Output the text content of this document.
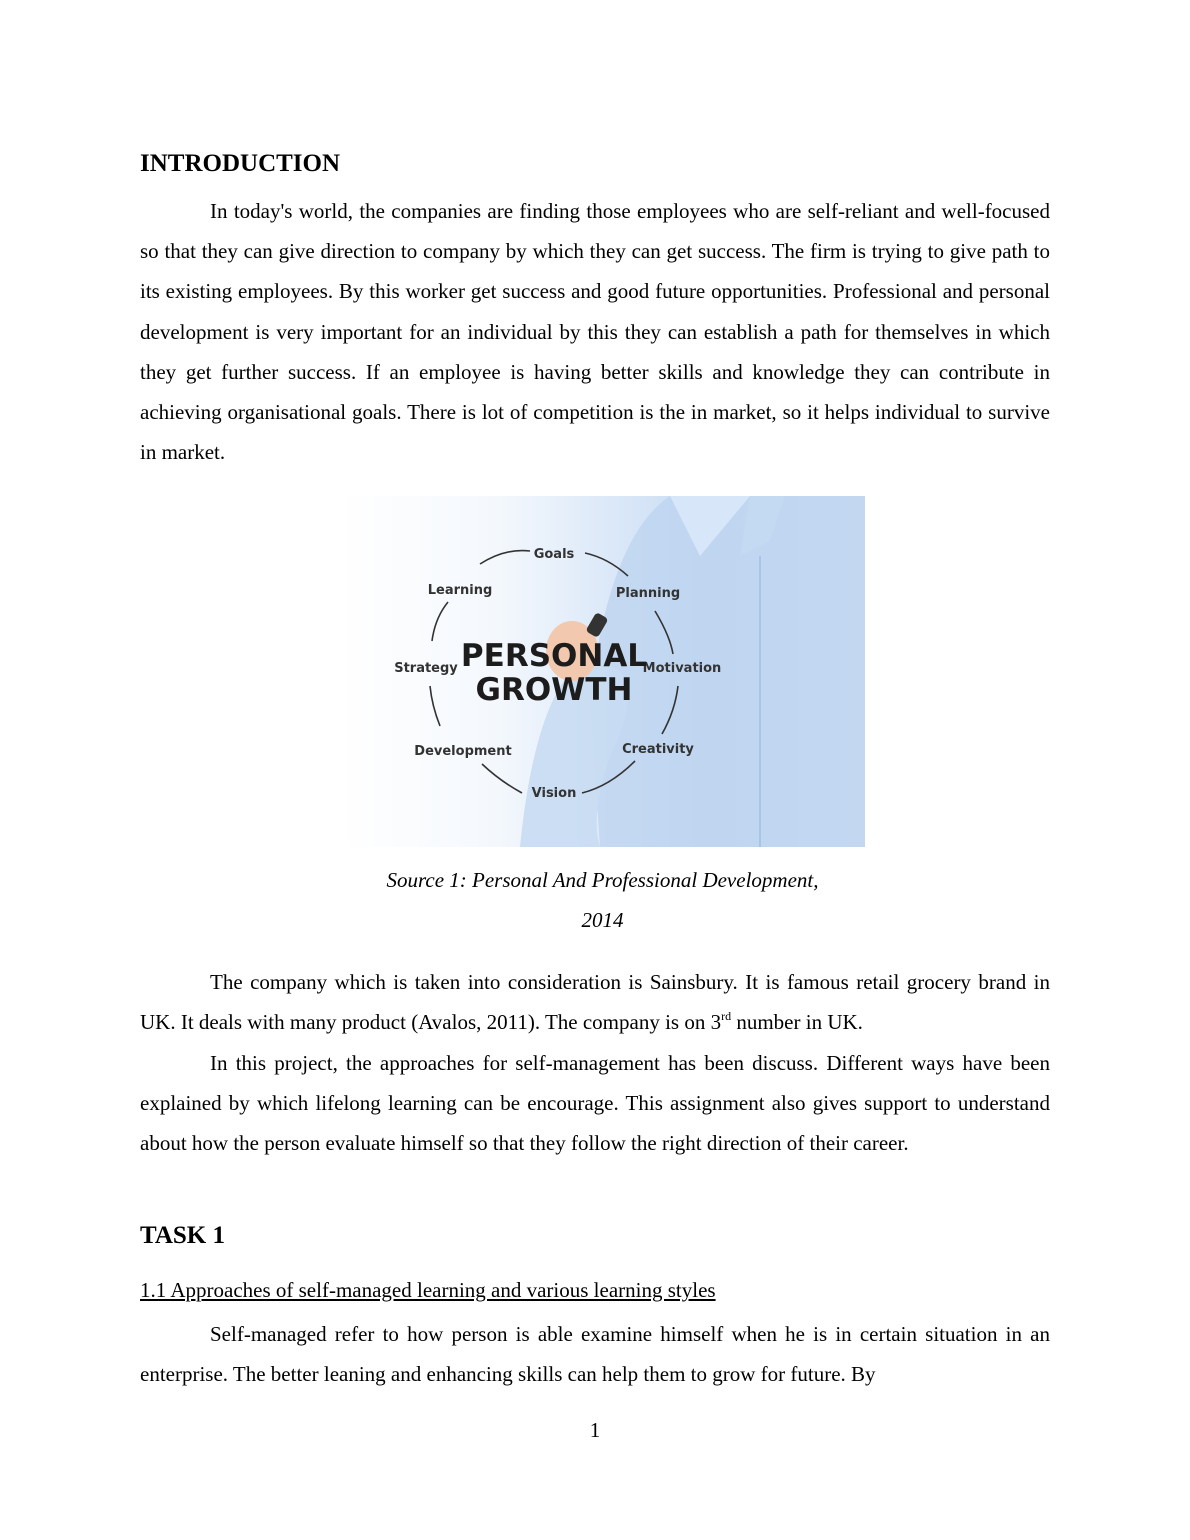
INTRODUCTION

In today's world, the companies are finding those employees who are self-reliant and well-focused so that they can give direction to company by which they can get success. The firm is trying to give path to its existing employees. By this worker get success and good future opportunities. Professional and personal development is very important for an individual by this they can establish a path for themselves in which they get further success. If an employee is having better skills and knowledge they can contribute in achieving organisational goals. There is lot of competition is the in market, so it helps individual to survive in market.

Goals
Planning
Motivation
Creativity
Vision
Development
Strategy
Learning
PERSONAL
GROWTH
Source 1: Personal And Professional Development,
2014

The company which is taken into consideration is Sainsbury. It is famous retail grocery brand in UK. It deals with many product (Avalos, 2011). The company is on 3rd number in UK.

In this project, the approaches for self-management has been discuss. Different ways have been explained by which lifelong learning can be encourage. This assignment also gives support to understand about how the person evaluate himself so that they follow the right direction of their career.

TASK 1
1.1 Approaches of self-managed learning and various learning styles

Self-managed refer to how person is able examine himself when he is in certain situation in an enterprise. The better leaning and enhancing skills can help them to grow for future. By

1
